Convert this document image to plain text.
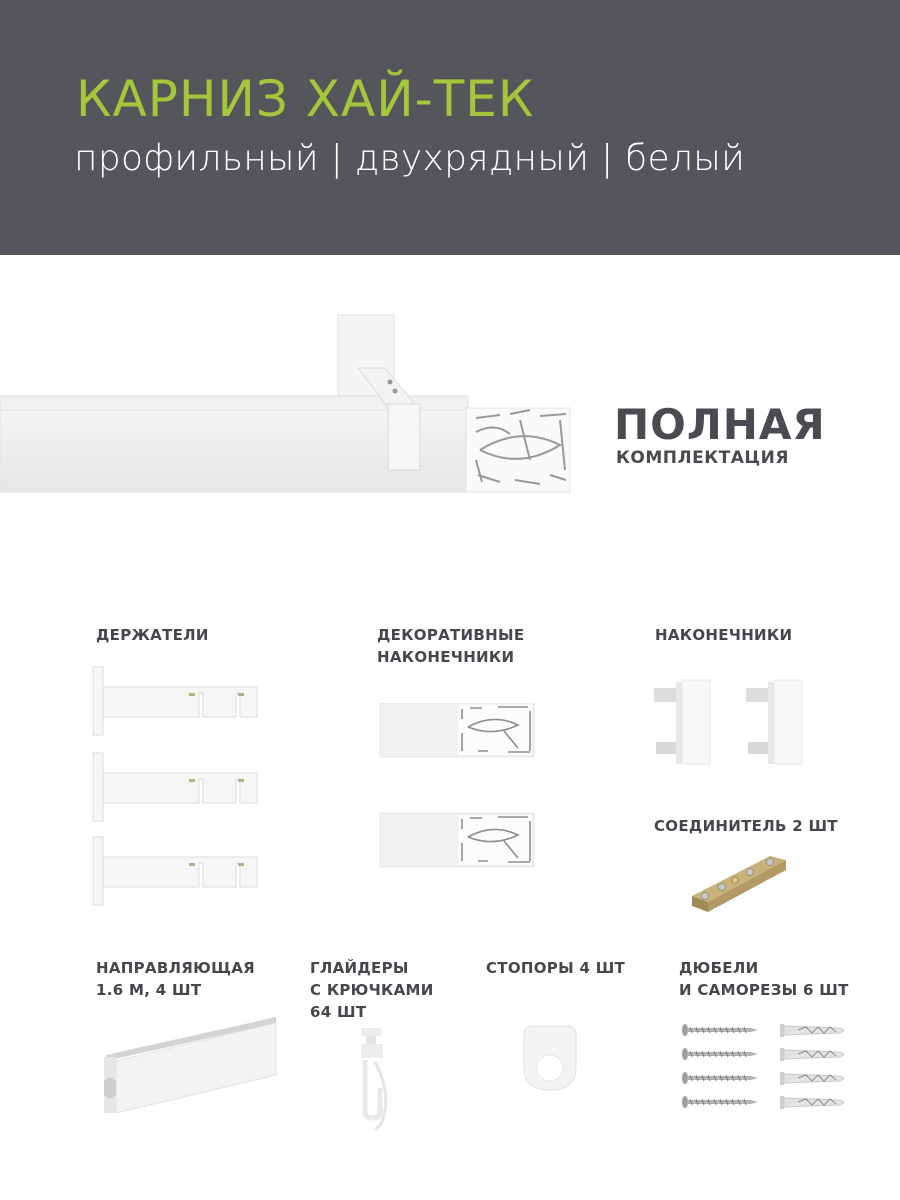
КАРНИЗ ХАЙ-ТЕК
профильный | двухрядный | белый
ПОЛНАЯ
КОМПЛЕКТАЦИЯ
ДЕРЖАТЕЛИ	ДЕКОРАТИВНЫЕ
НАКОНЕЧНИКИ
НАКОНЕЧНИКИ
СОЕДИНИТЕЛЬ 2 ШТ
НАПРАВЛЯЮЩАЯ
1.6 М, 4 ШТ
ГЛАЙДЕРЫ
С КРЮЧКАМИ
64 ШТ
СТОПОРЫ 4 ШТ	ДЮБЕЛИ
И САМОРЕЗЫ 6 ШТ
